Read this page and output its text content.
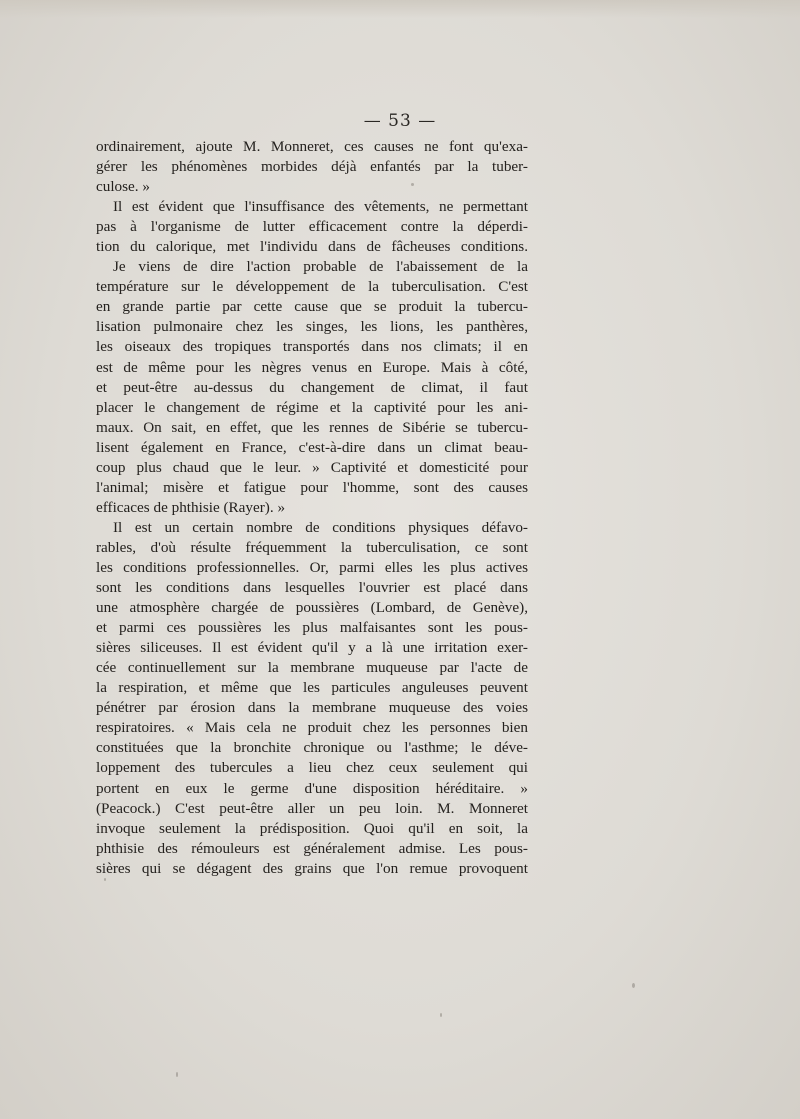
— 53 —
ordinairement, ajoute M. Monneret, ces causes ne font qu'exa-
gérer les phénomènes morbides déjà enfantés par la tuber-
culose. »
Il est évident que l'insuffisance des vêtements, ne permettant
pas à l'organisme de lutter efficacement contre la déperdi-
tion du calorique, met l'individu dans de fâcheuses conditions.
Je viens de dire l'action probable de l'abaissement de la
température sur le développement de la tuberculisation. C'est
en grande partie par cette cause que se produit la tubercu-
lisation pulmonaire chez les singes, les lions, les panthères,
les oiseaux des tropiques transportés dans nos climats; il en
est de même pour les nègres venus en Europe. Mais à côté,
et peut-être au-dessus du changement de climat, il faut
placer le changement de régime et la captivité pour les ani-
maux. On sait, en effet, que les rennes de Sibérie se tubercu-
lisent également en France, c'est-à-dire dans un climat beau-
coup plus chaud que le leur. » Captivité et domesticité pour
l'animal; misère et fatigue pour l'homme, sont des causes
efficaces de phthisie (Rayer). »
Il est un certain nombre de conditions physiques défavo-
rables, d'où résulte fréquemment la tuberculisation, ce sont
les conditions professionnelles. Or, parmi elles les plus actives
sont les conditions dans lesquelles l'ouvrier est placé dans
une atmosphère chargée de poussières (Lombard, de Genève),
et parmi ces poussières les plus malfaisantes sont les pous-
sières siliceuses. Il est évident qu'il y a là une irritation exer-
cée continuellement sur la membrane muqueuse par l'acte de
la respiration, et même que les particules anguleuses peuvent
pénétrer par érosion dans la membrane muqueuse des voies
respiratoires. « Mais cela ne produit chez les personnes bien
constituées que la bronchite chronique ou l'asthme; le déve-
loppement des tubercules a lieu chez ceux seulement qui
portent en eux le germe d'une disposition héréditaire. »
(Peacock.) C'est peut-être aller un peu loin. M. Monneret
invoque seulement la prédisposition. Quoi qu'il en soit, la
phthisie des rémouleurs est généralement admise. Les pous-
sières qui se dégagent des grains que l'on remue provoquent
